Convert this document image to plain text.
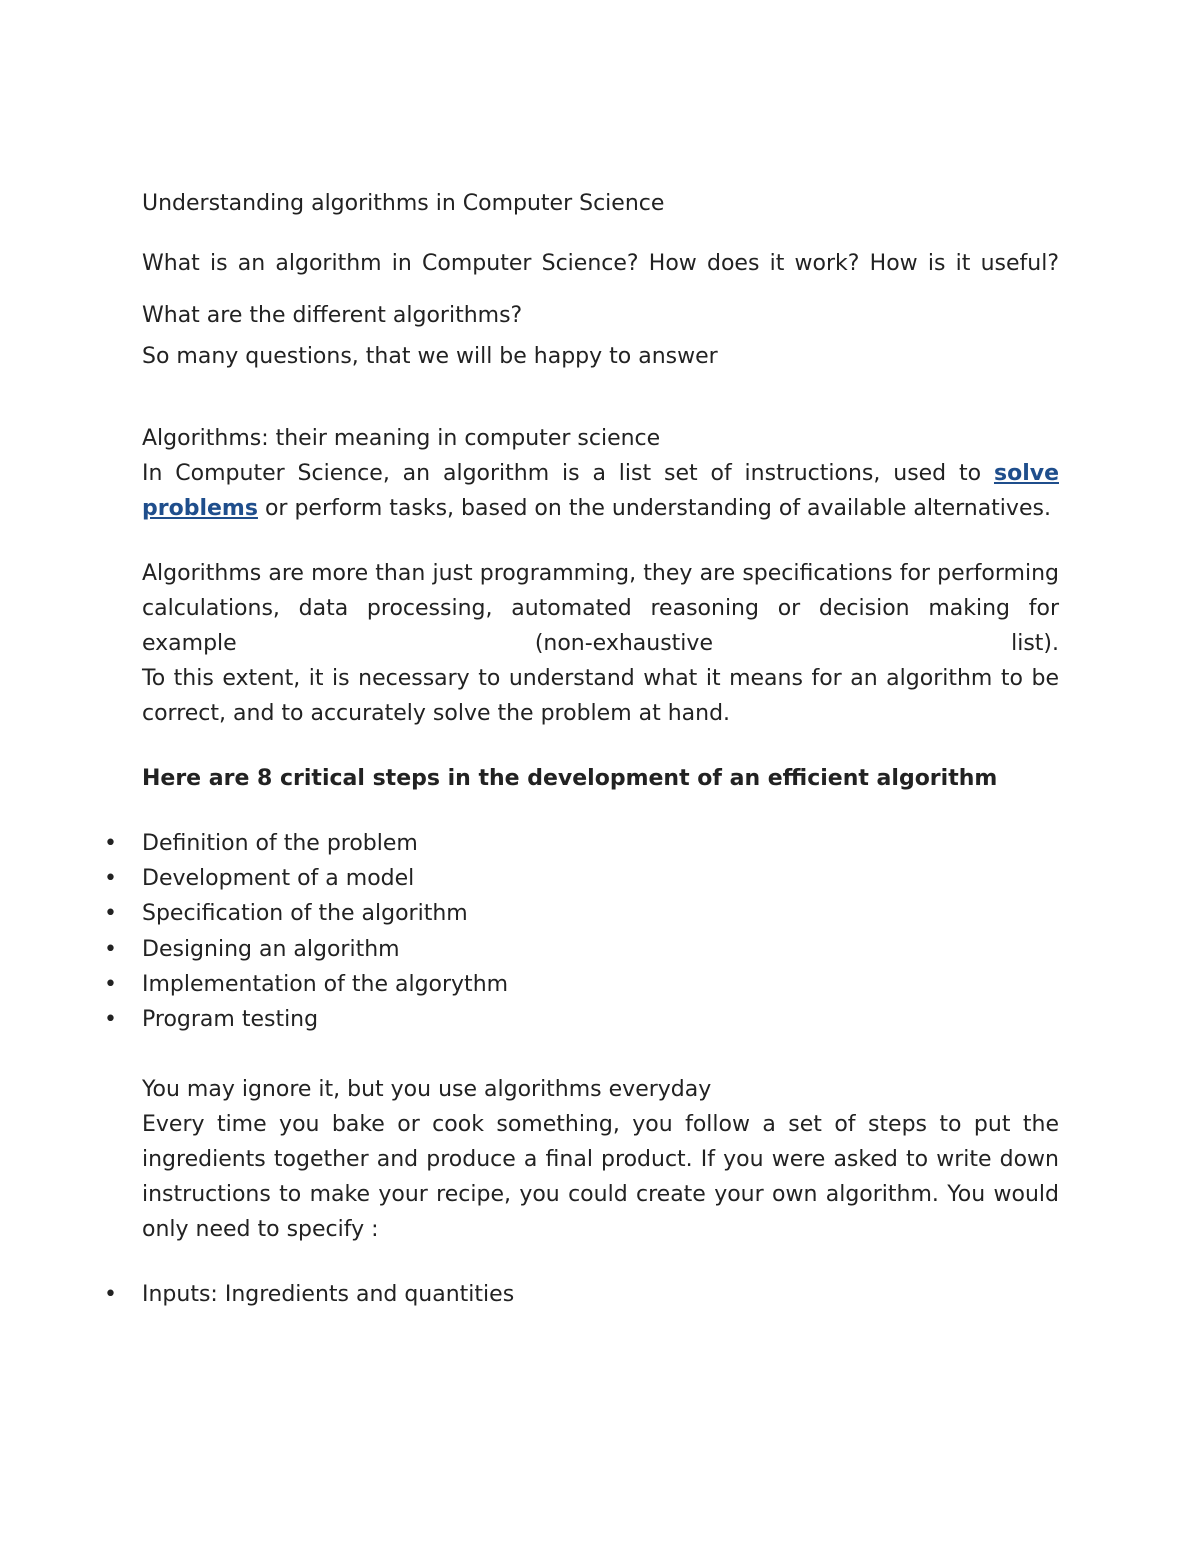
Understanding algorithms in Computer Science

What is an algorithm in Computer Science? How does it work? How is it useful? What are the different algorithms?

So many questions, that we will be happy to answer

Algorithms: their meaning in computer science

In Computer Science, an algorithm is a list set of instructions, used to solve problems or perform tasks, based on the understanding of available alternatives.

Algorithms are more than just programming, they are specifications for performing calculations, data processing, automated reasoning or decision making for example (non-exhaustive list).

To this extent, it is necessary to understand what it means for an algorithm to be correct, and to accurately solve the problem at hand.

Here are 8 critical steps in the development of an efficient algorithm

• Definition of the problem
• Development of a model
• Specification of the algorithm
• Designing an algorithm
• Implementation of the algorythm
• Program testing

You may ignore it, but you use algorithms everyday

Every time you bake or cook something, you follow a set of steps to put the ingredients together and produce a final product. If you were asked to write down instructions to make your recipe, you could create your own algorithm. You would only need to specify :

• Inputs: Ingredients and quantities
